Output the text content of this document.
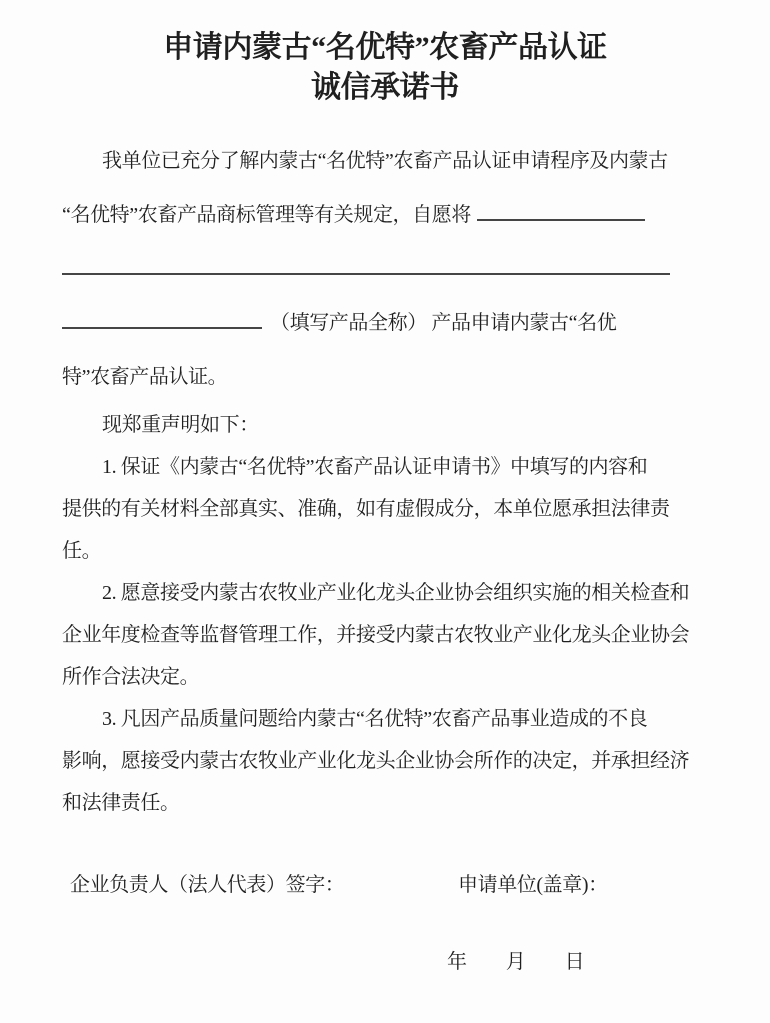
申请内蒙古“名优特”农畜产品认证
诚信承诺书
我单位已充分了解内蒙古“名优特”农畜产品认证申请程序及内蒙古
“名优特”农畜产品商标管理等有关规定，自愿将
（填写产品全称） 产品申请内蒙古“名优
特”农畜产品认证。
现郑重声明如下：
1. 保证《内蒙古“名优特”农畜产品认证申请书》中填写的内容和
提供的有关材料全部真实、准确，如有虚假成分，本单位愿承担法律责
任。
2. 愿意接受内蒙古农牧业产业化龙头企业协会组织实施的相关检查和
企业年度检查等监督管理工作，并接受内蒙古农牧业产业化龙头企业协会
所作合法决定。
3. 凡因产品质量问题给内蒙古“名优特”农畜产品事业造成的不良
影响，愿接受内蒙古农牧业产业化龙头企业协会所作的决定，并承担经济
和法律责任。
企业负责人（法人代表）签字：	申请单位(盖章)：
年　　月　　日
